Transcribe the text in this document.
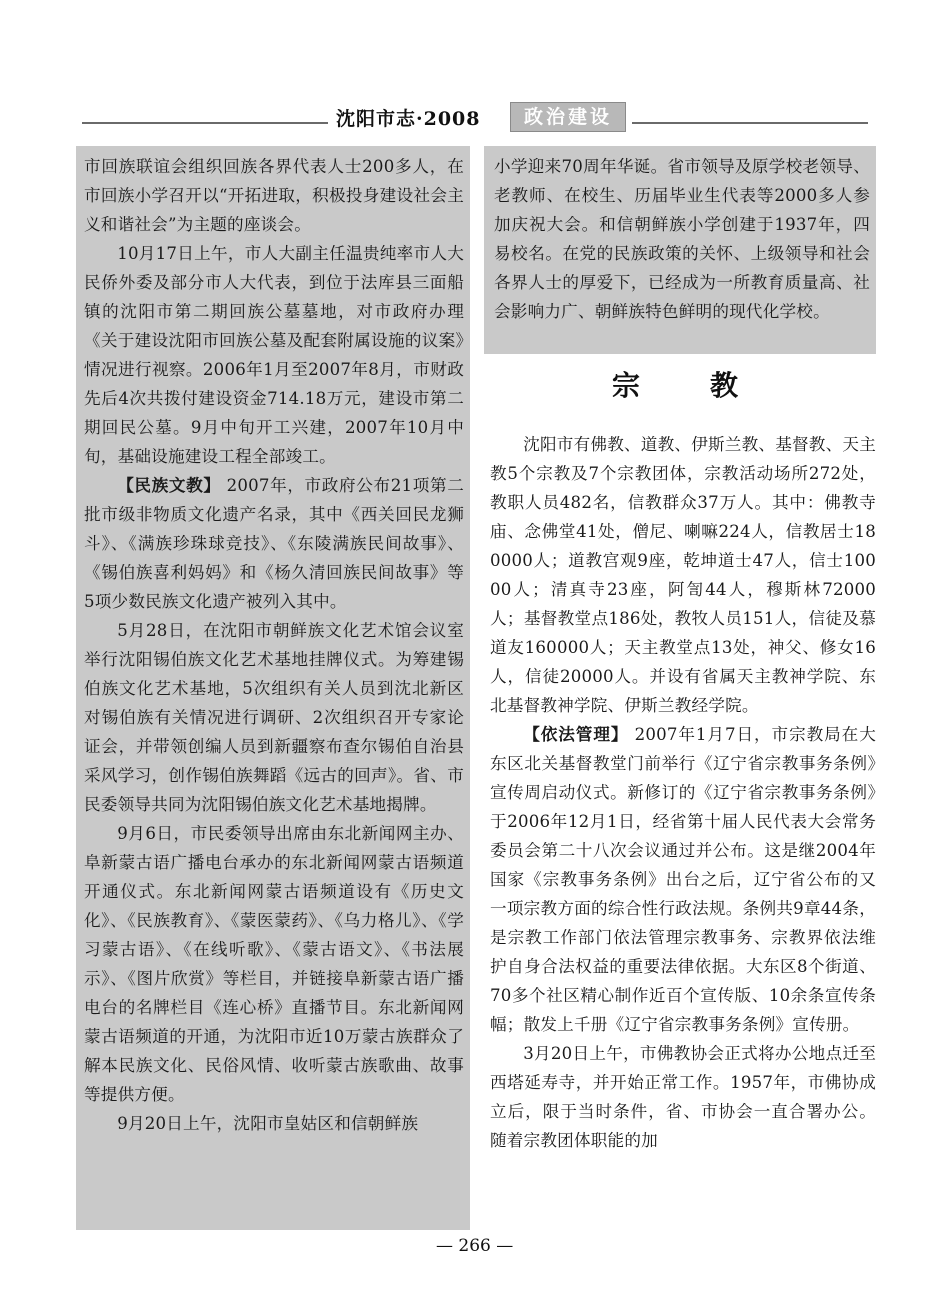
沈阳市志·2008	政治建设

市回族联谊会组织回族各界代表人士200多人，在市回族小学召开以“开拓进取，积极投身建设社会主义和谐社会”为主题的座谈会。

10月17日上午，市人大副主任温贵纯率市人大民侨外委及部分市人大代表，到位于法库县三面船镇的沈阳市第二期回族公墓墓地，对市政府办理《关于建设沈阳市回族公墓及配套附属设施的议案》情况进行视察。2006年1月至2007年8月，市财政先后4次共拨付建设资金714.18万元，建设市第二期回民公墓。9月中旬开工兴建，2007年10月中旬，基础设施建设工程全部竣工。

【民族文教】 2007年，市政府公布21项第二批市级非物质文化遗产名录，其中《西关回民龙狮斗》、《满族珍珠球竞技》、《东陵满族民间故事》、《锡伯族喜利妈妈》和《杨久清回族民间故事》等5项少数民族文化遗产被列入其中。

5月28日，在沈阳市朝鲜族文化艺术馆会议室举行沈阳锡伯族文化艺术基地挂牌仪式。为筹建锡伯族文化艺术基地，5次组织有关人员到沈北新区对锡伯族有关情况进行调研、2次组织召开专家论证会，并带领创编人员到新疆察布查尔锡伯自治县采风学习，创作锡伯族舞蹈《远古的回声》。省、市民委领导共同为沈阳锡伯族文化艺术基地揭牌。

9月6日，市民委领导出席由东北新闻网主办、阜新蒙古语广播电台承办的东北新闻网蒙古语频道开通仪式。东北新闻网蒙古语频道设有《历史文化》、《民族教育》、《蒙医蒙药》、《乌力格儿》、《学习蒙古语》、《在线听歌》、《蒙古语文》、《书法展示》、《图片欣赏》等栏目，并链接阜新蒙古语广播电台的名牌栏目《连心桥》直播节目。东北新闻网蒙古语频道的开通，为沈阳市近10万蒙古族群众了解本民族文化、民俗风情、收听蒙古族歌曲、故事等提供方便。

9月20日上午，沈阳市皇姑区和信朝鲜族

小学迎来70周年华诞。省市领导及原学校老领导、老教师、在校生、历届毕业生代表等2000多人参加庆祝大会。和信朝鲜族小学创建于1937年，四易校名。在党的民族政策的关怀、上级领导和社会各界人士的厚爱下，已经成为一所教育质量高、社会影响力广、朝鲜族特色鲜明的现代化学校。

宗教

沈阳市有佛教、道教、伊斯兰教、基督教、天主教5个宗教及7个宗教团体，宗教活动场所272处，教职人员482名，信教群众37万人。其中：佛教寺庙、念佛堂41处，僧尼、喇嘛224人，信教居士180000人；道教宫观9座，乾坤道士47人，信士10000人；清真寺23座，阿訇44人，穆斯林72000人；基督教堂点186处，教牧人员151人，信徒及慕道友160000人；天主教堂点13处，神父、修女16人，信徒20000人。并设有省属天主教神学院、东北基督教神学院、伊斯兰教经学院。

【依法管理】 2007年1月7日，市宗教局在大东区北关基督教堂门前举行《辽宁省宗教事务条例》宣传周启动仪式。新修订的《辽宁省宗教事务条例》于2006年12月1日，经省第十届人民代表大会常务委员会第二十八次会议通过并公布。这是继2004年国家《宗教事务条例》出台之后，辽宁省公布的又一项宗教方面的综合性行政法规。条例共9章44条，是宗教工作部门依法管理宗教事务、宗教界依法维护自身合法权益的重要法律依据。大东区8个街道、70多个社区精心制作近百个宣传版、10余条宣传条幅；散发上千册《辽宁省宗教事务条例》宣传册。

3月20日上午，市佛教协会正式将办公地点迁至西塔延寿寺，并开始正常工作。1957年，市佛协成立后，限于当时条件，省、市协会一直合署办公。随着宗教团体职能的加

— 266 —
